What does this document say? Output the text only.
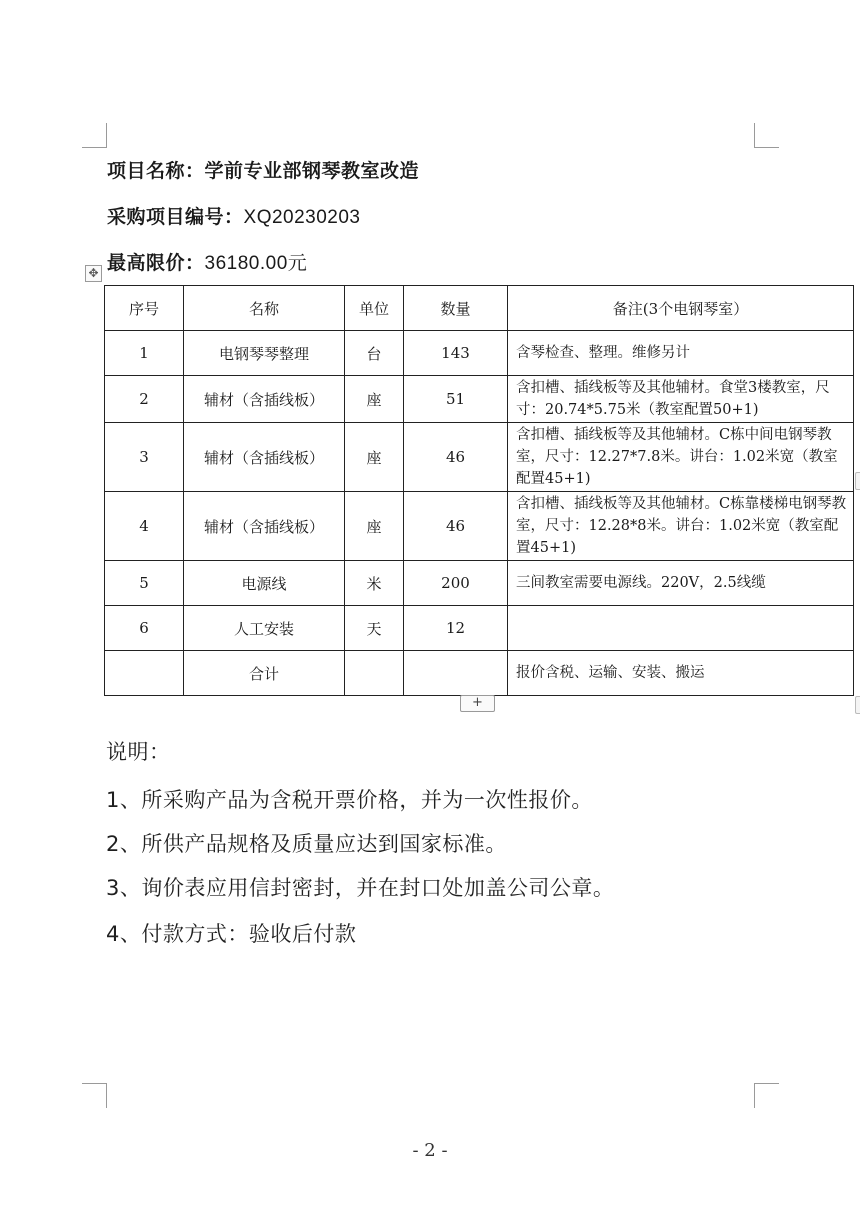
项目名称：学前专业部钢琴教室改造
采购项目编号：XQ20230203
最高限价：36180.00元
✥
序号	名称	单位	数量	备注(3个电钢琴室）
1	电钢琴琴整理	台	143	含琴检查、整理。维修另计
2	辅材（含插线板）	座	51	含扣槽、插线板等及其他辅材。食堂3楼教室，尺寸：20.74*5.75米（教室配置50+1)
3	辅材（含插线板）	座	46	含扣槽、插线板等及其他辅材。C栋中间电钢琴教室，尺寸：12.27*7.8米。讲台：1.02米宽（教室配置45+1)
4	辅材（含插线板）	座	46	含扣槽、插线板等及其他辅材。C栋靠楼梯电钢琴教室，尺寸：12.28*8米。讲台：1.02米宽（教室配置45+1)
5	电源线	米	200	三间教室需要电源线。220V，2.5线缆
6	人工安装	天	12	
	合计			报价含税、运输、安装、搬运
+
说明：
1、所采购产品为含税开票价格，并为一次性报价。
2、所供产品规格及质量应达到国家标准。
3、询价表应用信封密封，并在封口处加盖公司公章。
4、付款方式：验收后付款
- 2 -
